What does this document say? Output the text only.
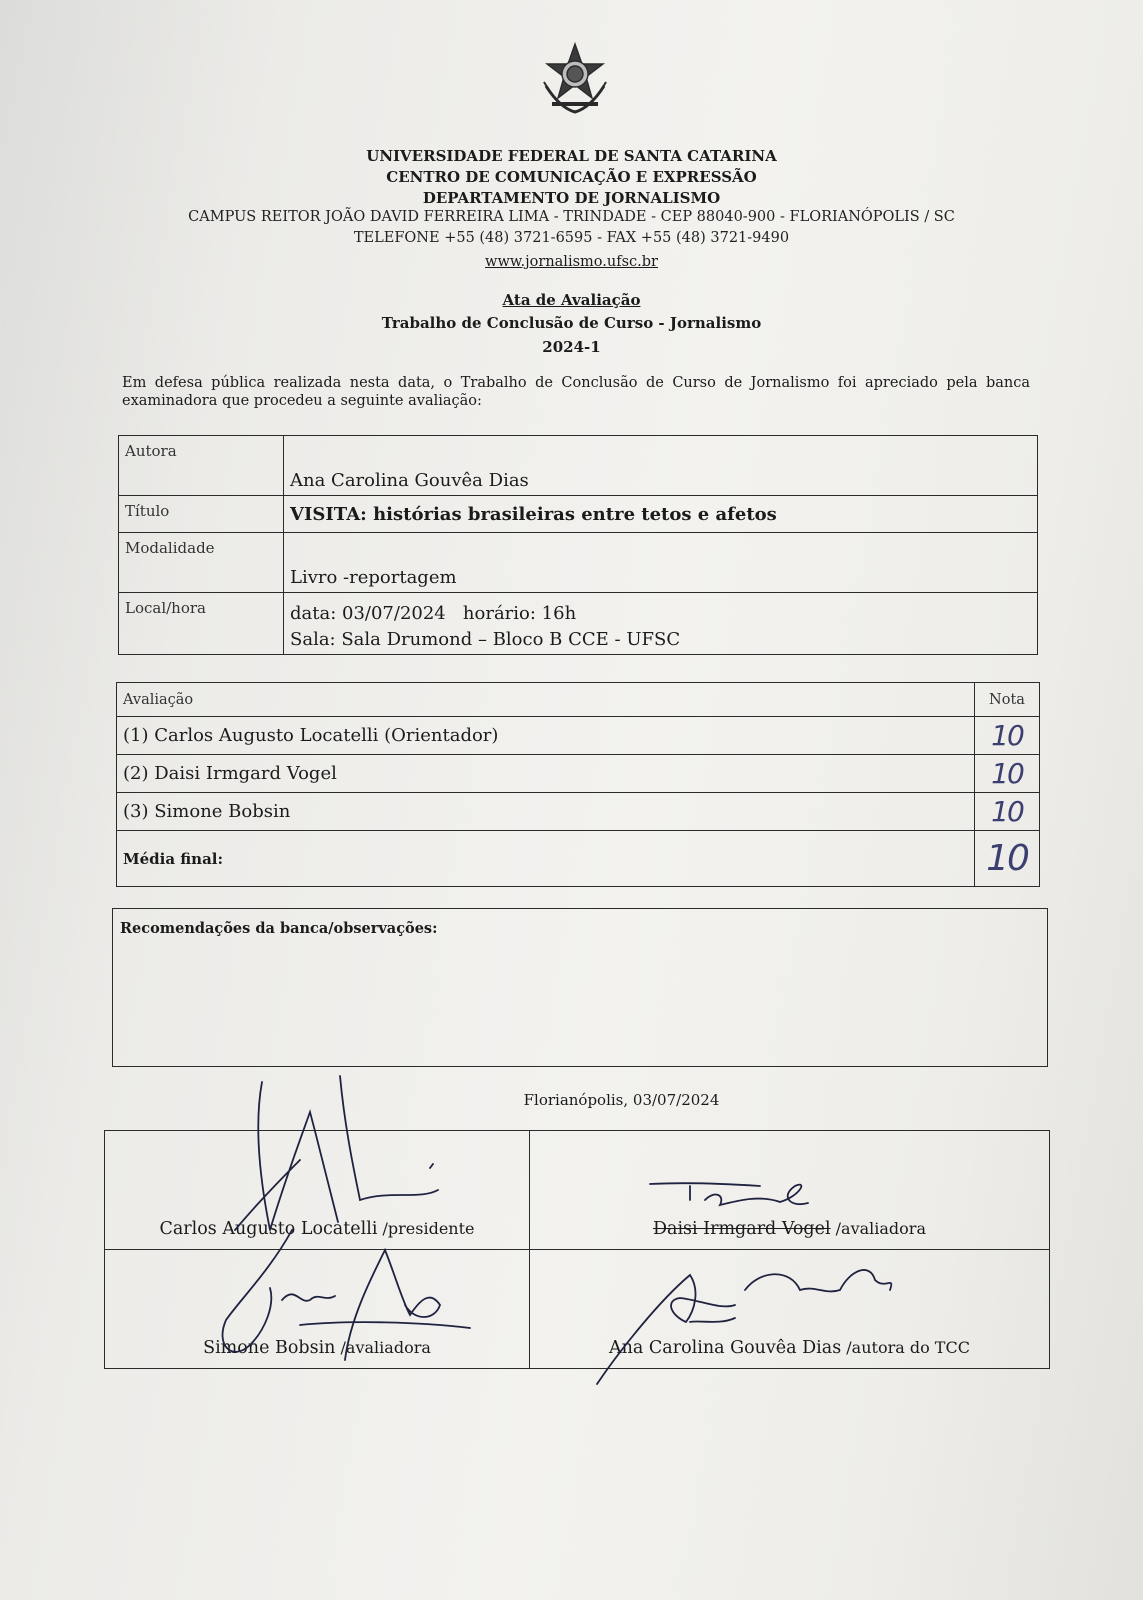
UNIVERSIDADE FEDERAL DE SANTA CATARINA
CENTRO DE COMUNICAÇÃO E EXPRESSÃO
DEPARTAMENTO DE JORNALISMO
CAMPUS REITOR JOÃO DAVID FERREIRA LIMA - TRINDADE - CEP 88040-900 - FLORIANÓPOLIS / SC
TELEFONE +55 (48) 3721-6595 - FAX +55 (48) 3721-9490
www.jornalismo.ufsc.br
Ata de Avaliação
Trabalho de Conclusão de Curso - Jornalismo
2024-1
Em defesa pública realizada nesta data, o Trabalho de Conclusão de Curso de Jornalismo foi apreciado pela banca examinadora que procedeu a seguinte avaliação:
Autora	Ana Carolina Gouvêa Dias
Título	VISITA: histórias brasileiras entre tetos e afetos
Modalidade	Livro -reportagem
Local/hora	data: 03/07/2024   horário: 16h
Sala: Sala Drumond – Bloco B CCE - UFSC
Avaliação	Nota
(1) Carlos Augusto Locatelli (Orientador)	10
(2) Daisi Irmgard Vogel	10
(3) Simone Bobsin	10
Média final:	10
Recomendações da banca/observações:
Florianópolis, 03/07/2024
Carlos Augusto Locatelli /presidente	Daisi Irmgard Vogel /avaliadora
Simone Bobsin /avaliadora	Ana Carolina Gouvêa Dias /autora do TCC
